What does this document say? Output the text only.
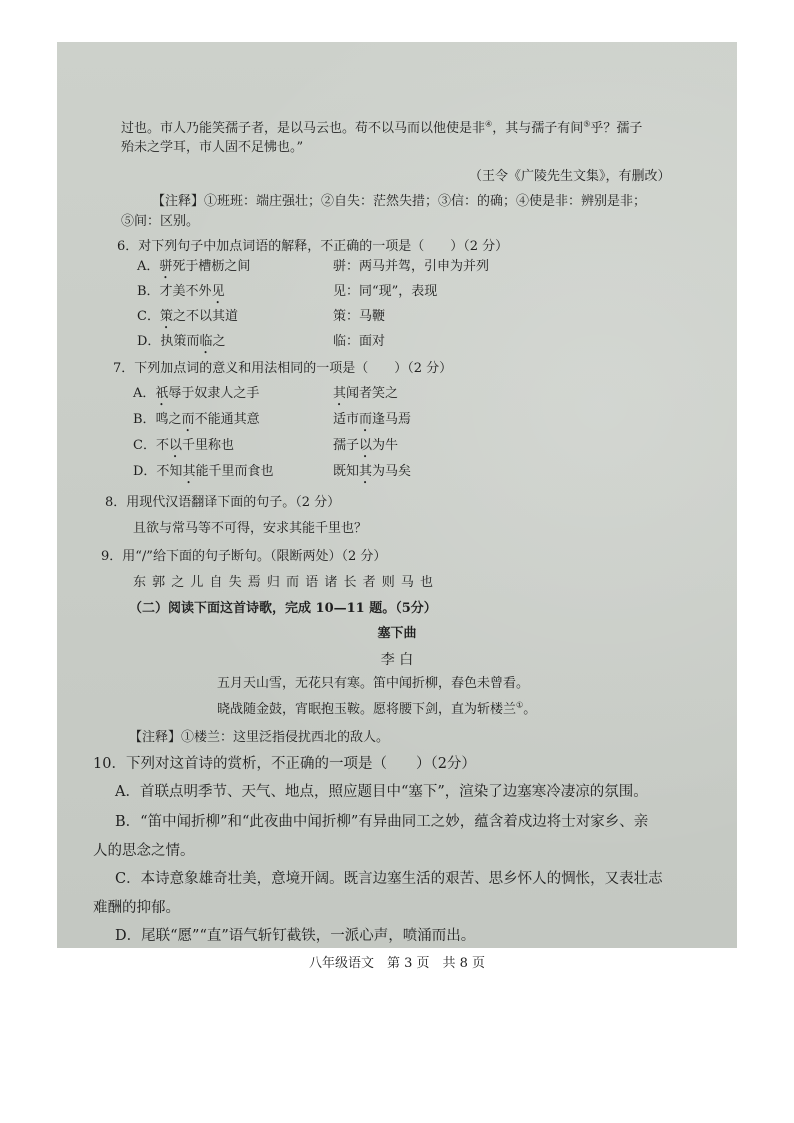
过也。市人乃能笑孺子者，是以马云也。苟不以马而以他使是非④，其与孺子有间⑤乎？孺子
殆未之学耳，市人固不足怫也。”
（王令《广陵先生文集》，有删改）
【注释】①班班：端庄强壮；②自失：茫然失措；③信：的确；④使是非：辨别是非；
⑤间：区别。
6．对下列句子中加点词语的解释，不正确的一项是（　　）（2 分）
A．骈死于槽枥之间	骈：两马并驾，引申为并列
B．才美不外见	见：同“现”，表现
C．策之不以其道	策：马鞭
D．执策而临之	临：面对
7．下列加点词的意义和用法相同的一项是（　　）（2 分）
A．祇辱于奴隶人之手	其闻者笑之
B．鸣之而不能通其意	适市而逢马焉
C．不以千里称也	孺子以为牛
D．不知其能千里而食也	既知其为马矣
8．用现代汉语翻译下面的句子。（2 分）
且欲与常马等不可得，安求其能千里也？
9．用“/”给下面的句子断句。（限断两处）（2 分）
东 郭 之 儿 自 失 焉 归 而 语 诸 长 者 则 马 也
（二）阅读下面这首诗歌，完成 10—11 题。（5分）
塞下曲
李 白
五月天山雪，无花只有寒。笛中闻折柳，春色未曾看。
晓战随金鼓，宵眠抱玉鞍。愿将腰下剑，直为斩楼兰①。
【注释】①楼兰：这里泛指侵扰西北的敌人。
10．下列对这首诗的赏析，不正确的一项是（　　）（2分）
A．首联点明季节、天气、地点，照应题目中“塞下”，渲染了边塞寒冷凄凉的氛围。
B．“笛中闻折柳”和“此夜曲中闻折柳”有异曲同工之妙，蕴含着戍边将士对家乡、亲
人的思念之情。
C．本诗意象雄奇壮美，意境开阔。既言边塞生活的艰苦、思乡怀人的惆怅，又表壮志
难酬的抑郁。
D．尾联“愿”“直”语气斩钉截铁，一派心声，喷涌而出。
八年级语文　第 3 页　共 8 页
